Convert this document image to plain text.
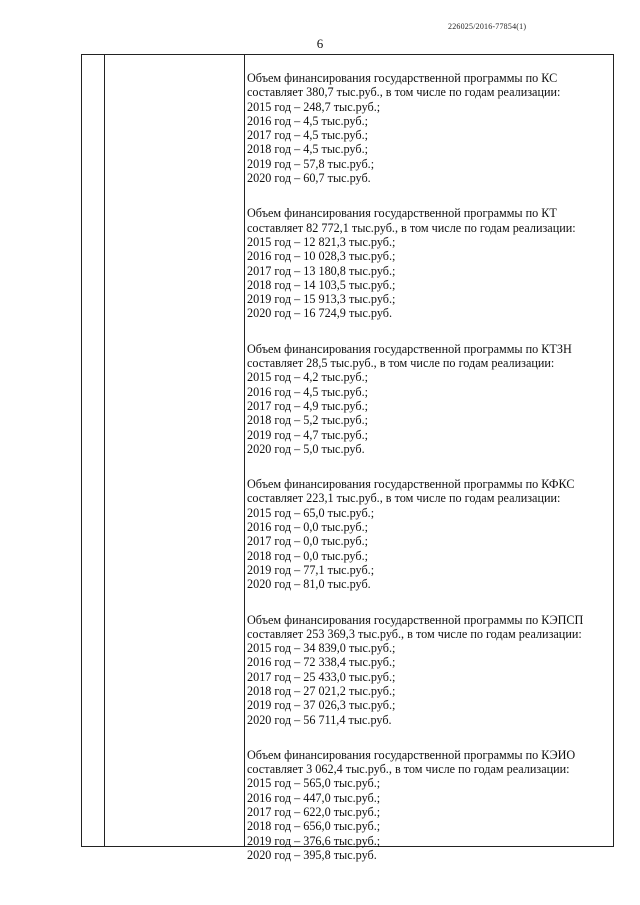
226025/2016-77854(1)
6

Объем финансирования государственной программы по КС

составляет 380,7 тыс.руб., в том числе по годам реализации:

2015 год – 248,7 тыс.руб.;

2016 год – 4,5 тыс.руб.;

2017 год – 4,5 тыс.руб.;

2018 год – 4,5 тыс.руб.;

2019 год – 57,8 тыс.руб.;

2020 год – 60,7 тыс.руб.

Объем финансирования государственной программы по КТ

составляет 82 772,1 тыс.руб., в том числе по годам реализации:

2015 год – 12 821,3 тыс.руб.;

2016 год – 10 028,3 тыс.руб.;

2017 год – 13 180,8 тыс.руб.;

2018 год – 14 103,5 тыс.руб.;

2019 год – 15 913,3 тыс.руб.;

2020 год – 16 724,9 тыс.руб.

Объем финансирования государственной программы по КТЗН

составляет 28,5 тыс.руб., в том числе по годам реализации:

2015 год – 4,2 тыс.руб.;

2016 год – 4,5 тыс.руб.;

2017 год – 4,9 тыс.руб.;

2018 год – 5,2 тыс.руб.;

2019 год – 4,7 тыс.руб.;

2020 год – 5,0 тыс.руб.

Объем финансирования государственной программы по КФКС

составляет 223,1 тыс.руб., в том числе по годам реализации:

2015 год – 65,0 тыс.руб.;

2016 год – 0,0 тыс.руб.;

2017 год – 0,0 тыс.руб.;

2018 год – 0,0 тыс.руб.;

2019 год – 77,1 тыс.руб.;

2020 год – 81,0 тыс.руб.

Объем финансирования государственной программы по КЭПСП

составляет 253 369,3 тыс.руб., в том числе по годам реализации:

2015 год – 34 839,0 тыс.руб.;

2016 год – 72 338,4 тыс.руб.;

2017 год – 25 433,0 тыс.руб.;

2018 год – 27 021,2 тыс.руб.;

2019 год – 37 026,3 тыс.руб.;

2020 год – 56 711,4 тыс.руб.

Объем финансирования государственной программы по КЭИО

составляет 3 062,4 тыс.руб., в том числе по годам реализации:

2015 год – 565,0 тыс.руб.;

2016 год – 447,0 тыс.руб.;

2017 год – 622,0 тыс.руб.;

2018 год – 656,0 тыс.руб.;

2019 год – 376,6 тыс.руб.;

2020 год – 395,8 тыс.руб.
